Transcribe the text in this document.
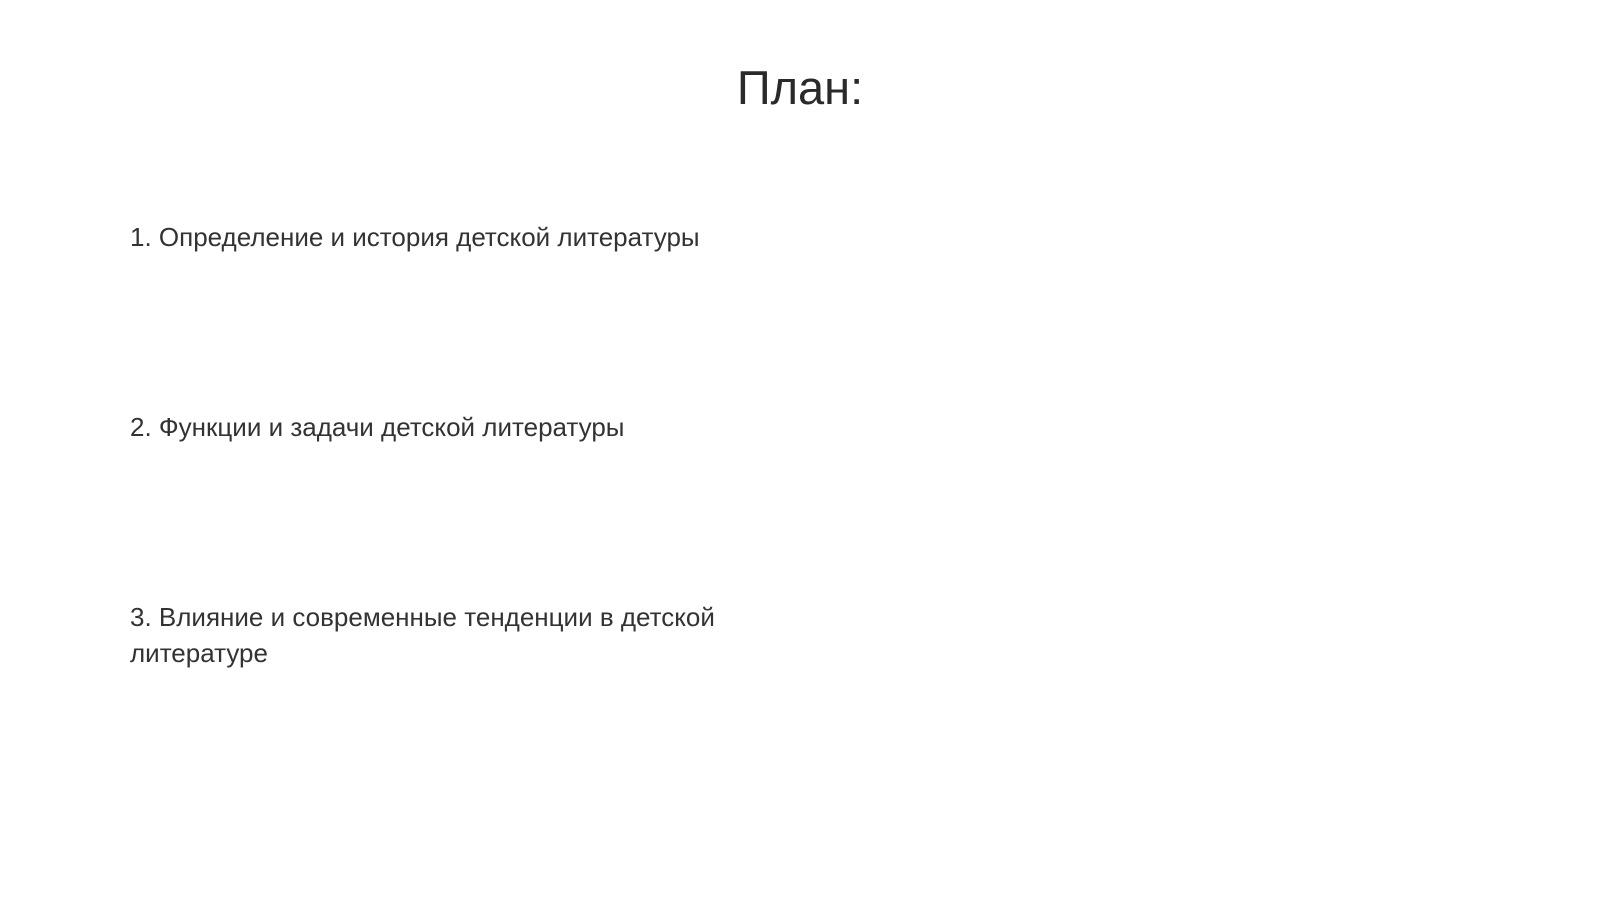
План:
1. Определение и история детской литературы
2. Функции и задачи детской литературы
3. Влияние и современные тенденции в детской литературе
